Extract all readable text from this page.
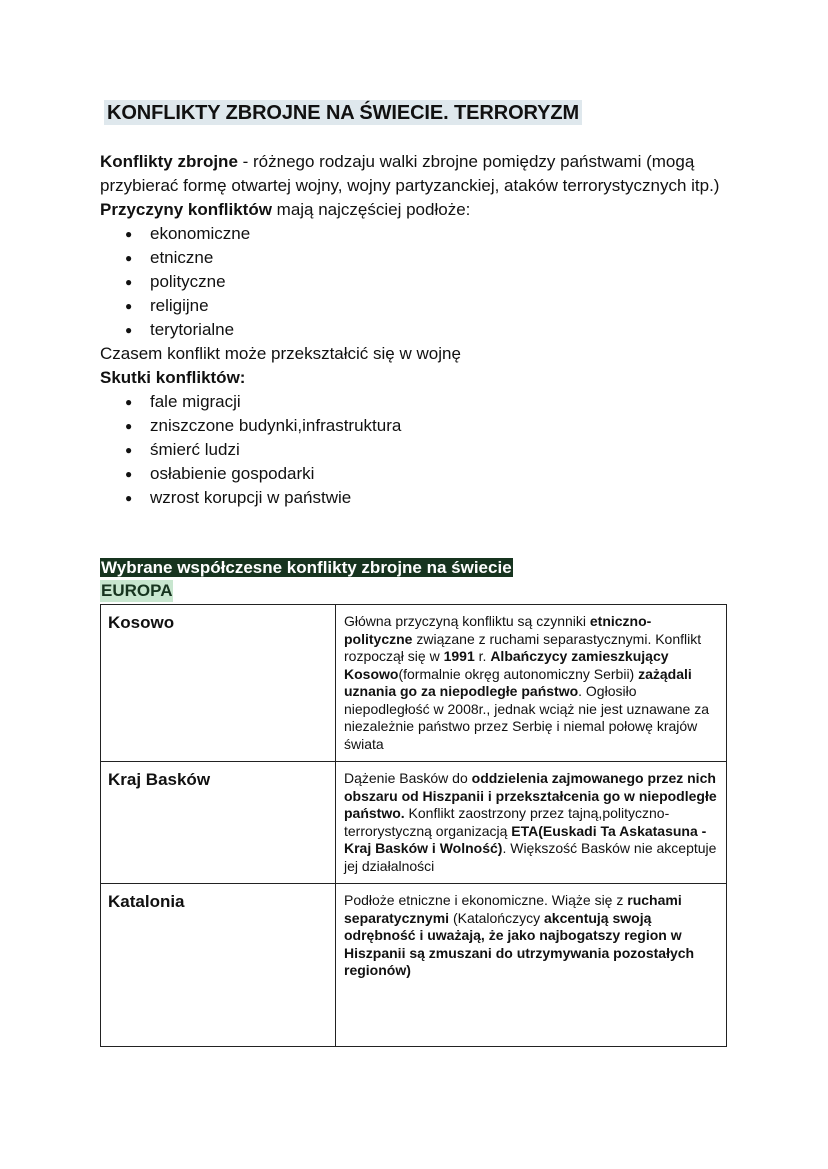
KONFLIKTY ZBROJNE NA ŚWIECIE. TERRORYZM

Konflikty zbrojne - różnego rodzaju walki zbrojne pomiędzy państwami (mogą przybierać formę otwartej wojny, wojny partyzanckiej, ataków terrorystycznych itp.)

Przyczyny konfliktów mają najczęściej podłoże:

● ekonomiczne
● etniczne
● polityczne
● religijne
● terytorialne

Czasem konflikt może przekształcić się w wojnę

Skutki konfliktów:

● fale migracji
● zniszczone budynki,infrastruktura
● śmierć ludzi
● osłabienie gospodarki
● wzrost korupcji w państwie
Wybrane współczesne konflikty zbrojne na świecie
EUROPA
Kosowo	Główna przyczyną konfliktu są czynniki etniczno-polityczne związane z ruchami separastycznymi. Konflikt rozpoczął się w 1991 r. Albańczycy zamieszkujący Kosowo(formalnie okręg autonomiczny Serbii) zażądali uznania go za niepodległe państwo. Ogłosiło niepodległość w 2008r., jednak wciąż nie jest uznawane za niezależnie państwo przez Serbię i niemal połowę krajów świata
Kraj Basków	Dążenie Basków do oddzielenia zajmowanego przez nich obszaru od Hiszpanii i przekształcenia go w niepodległe państwo. Konflikt zaostrzony przez tajną,polityczno-terrorystyczną organizacją ETA(Euskadi Ta Askatasuna - Kraj Basków i Wolność). Większość Basków nie akceptuje jej działalności
Katalonia	Podłoże etniczne i ekonomiczne. Wiąże się z ruchami separatycznymi (Katalończycy akcentują swoją odrębność i uważają, że jako najbogatszy region w Hiszpanii są zmuszani do utrzymywania pozostałych regionów)
